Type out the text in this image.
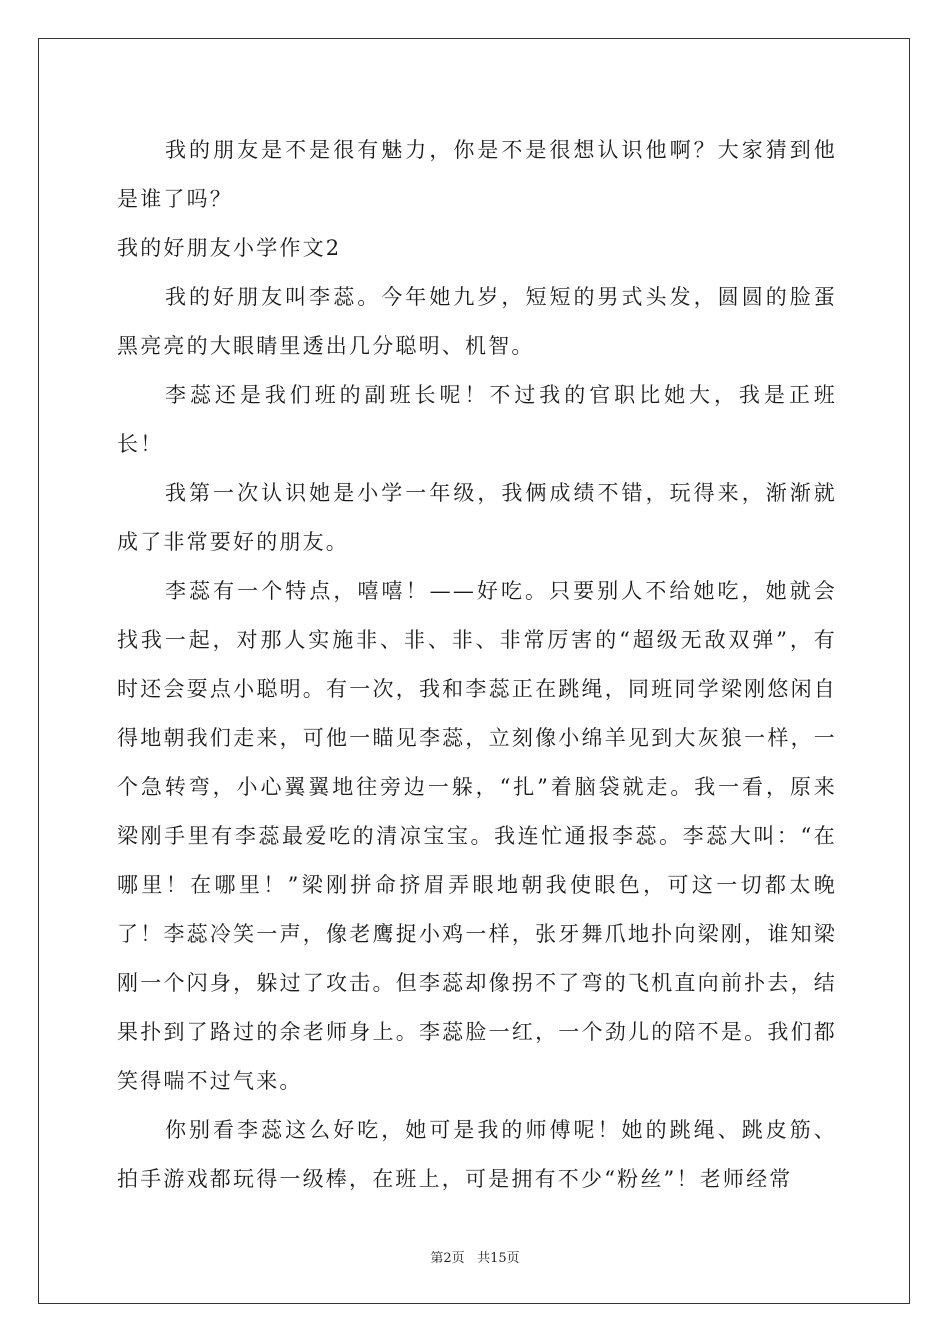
我的朋友是不是很有魅力，你是不是很想认识他啊？大家猜到他是谁了吗？

我的好朋友小学作文2

我的好朋友叫李蕊。今年她九岁，短短的男式头发，圆圆的脸蛋黑亮亮的大眼睛里透出几分聪明、机智。

李蕊还是我们班的副班长呢！不过我的官职比她大，我是正班长！

我第一次认识她是小学一年级，我俩成绩不错，玩得来，渐渐就成了非常要好的朋友。

李蕊有一个特点，嘻嘻！——好吃。只要别人不给她吃，她就会找我一起，对那人实施非、非、非、非常厉害的“超级无敌双弹”，有时还会耍点小聪明。有一次，我和李蕊正在跳绳，同班同学梁刚悠闲自得地朝我们走来，可他一瞄见李蕊，立刻像小绵羊见到大灰狼一样，一个急转弯，小心翼翼地往旁边一躲，“扎”着脑袋就走。我一看，原来梁刚手里有李蕊最爱吃的清凉宝宝。我连忙通报李蕊。李蕊大叫：“在哪里！在哪里！”梁刚拼命挤眉弄眼地朝我使眼色，可这一切都太晚了！李蕊冷笑一声，像老鹰捉小鸡一样，张牙舞爪地扑向梁刚，谁知梁刚一个闪身，躲过了攻击。但李蕊却像拐不了弯的飞机直向前扑去，结果扑到了路过的余老师身上。李蕊脸一红，一个劲儿的陪不是。我们都笑得喘不过气来。

你别看李蕊这么好吃，她可是我的师傅呢！她的跳绳、跳皮筋、拍手游戏都玩得一级棒，在班上，可是拥有不少“粉丝”！老师经常

第2页 共15页
